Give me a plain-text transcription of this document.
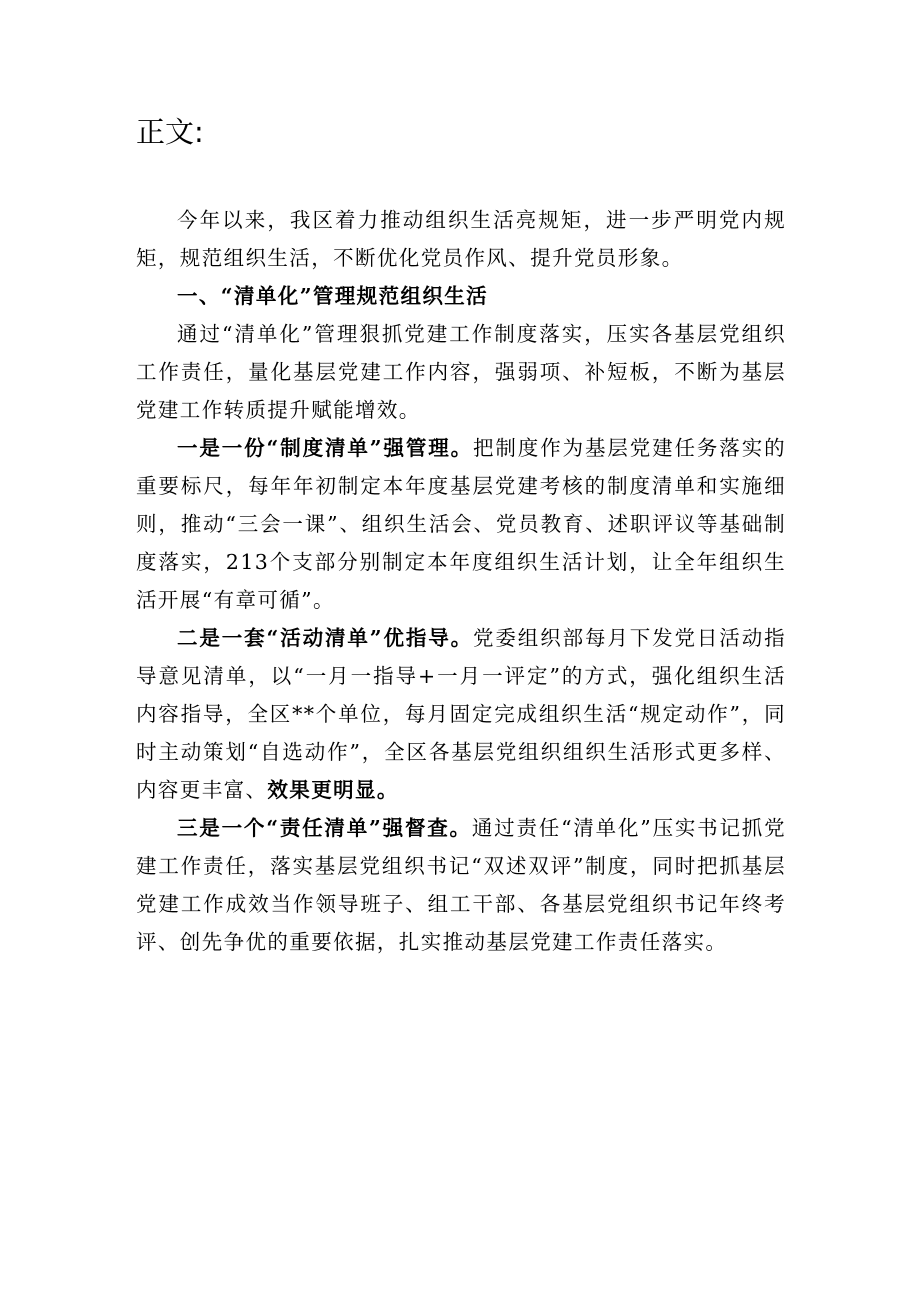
正文:

今年以来，我区着力推动组织生活亮规矩，进一步严明党内规矩，规范组织生活，不断优化党员作风、提升党员形象。

一、“清单化”管理规范组织生活

通过“清单化”管理狠抓党建工作制度落实，压实各基层党组织工作责任，量化基层党建工作内容，强弱项、补短板，不断为基层党建工作转质提升赋能增效。

一是一份“制度清单”强管理。把制度作为基层党建任务落实的重要标尺，每年年初制定本年度基层党建考核的制度清单和实施细则，推动“三会一课”、组织生活会、党员教育、述职评议等基础制度落实，213个支部分别制定本年度组织生活计划，让全年组织生活开展“有章可循”。

二是一套“活动清单”优指导。党委组织部每月下发党日活动指导意见清单，以“一月一指导+一月一评定”的方式，强化组织生活内容指导，全区**个单位，每月固定完成组织生活“规定动作”，同时主动策划“自选动作”，全区各基层党组织组织生活形式更多样、内容更丰富、效果更明显。

三是一个“责任清单”强督查。通过责任“清单化”压实书记抓党建工作责任，落实基层党组织书记“双述双评”制度，同时把抓基层党建工作成效当作领导班子、组工干部、各基层党组织书记年终考评、创先争优的重要依据，扎实推动基层党建工作责任落实。
